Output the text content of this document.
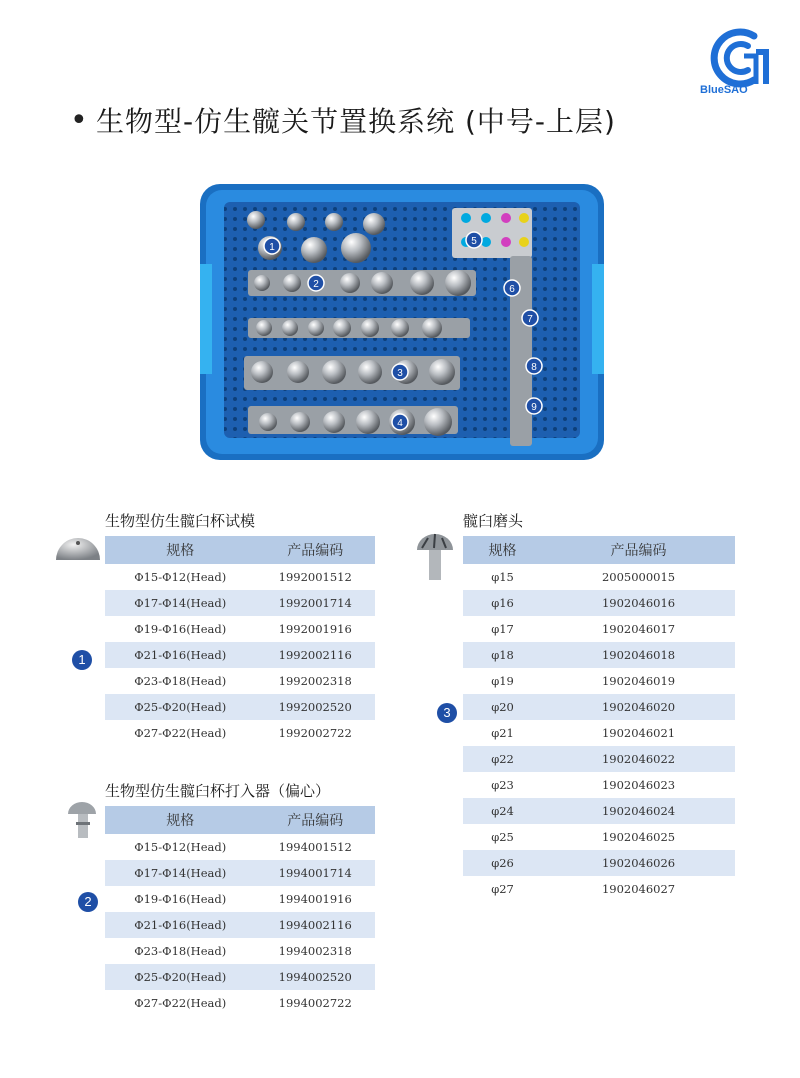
BlueSAO
• 生物型-仿生髋关节置换系统 (中号-上层)
1
2
3
4
5
6
7
8
9
生物型仿生髋臼杯试模
规格	产品编码
Φ15-Φ12(Head)	1992001512
Φ17-Φ14(Head)	1992001714
Φ19-Φ16(Head)	1992001916
Φ21-Φ16(Head)	1992002116
Φ23-Φ18(Head)	1992002318
Φ25-Φ20(Head)	1992002520
Φ27-Φ22(Head)	1992002722
1
生物型仿生髋臼杯打入器（偏心）
规格	产品编码
Φ15-Φ12(Head)	1994001512
Φ17-Φ14(Head)	1994001714
Φ19-Φ16(Head)	1994001916
Φ21-Φ16(Head)	1994002116
Φ23-Φ18(Head)	1994002318
Φ25-Φ20(Head)	1994002520
Φ27-Φ22(Head)	1994002722
2
髋臼磨头
规格	产品编码
φ15	2005000015
φ16	1902046016
φ17	1902046017
φ18	1902046018
φ19	1902046019
φ20	1902046020
φ21	1902046021
φ22	1902046022
φ23	1902046023
φ24	1902046024
φ25	1902046025
φ26	1902046026
φ27	1902046027
3
